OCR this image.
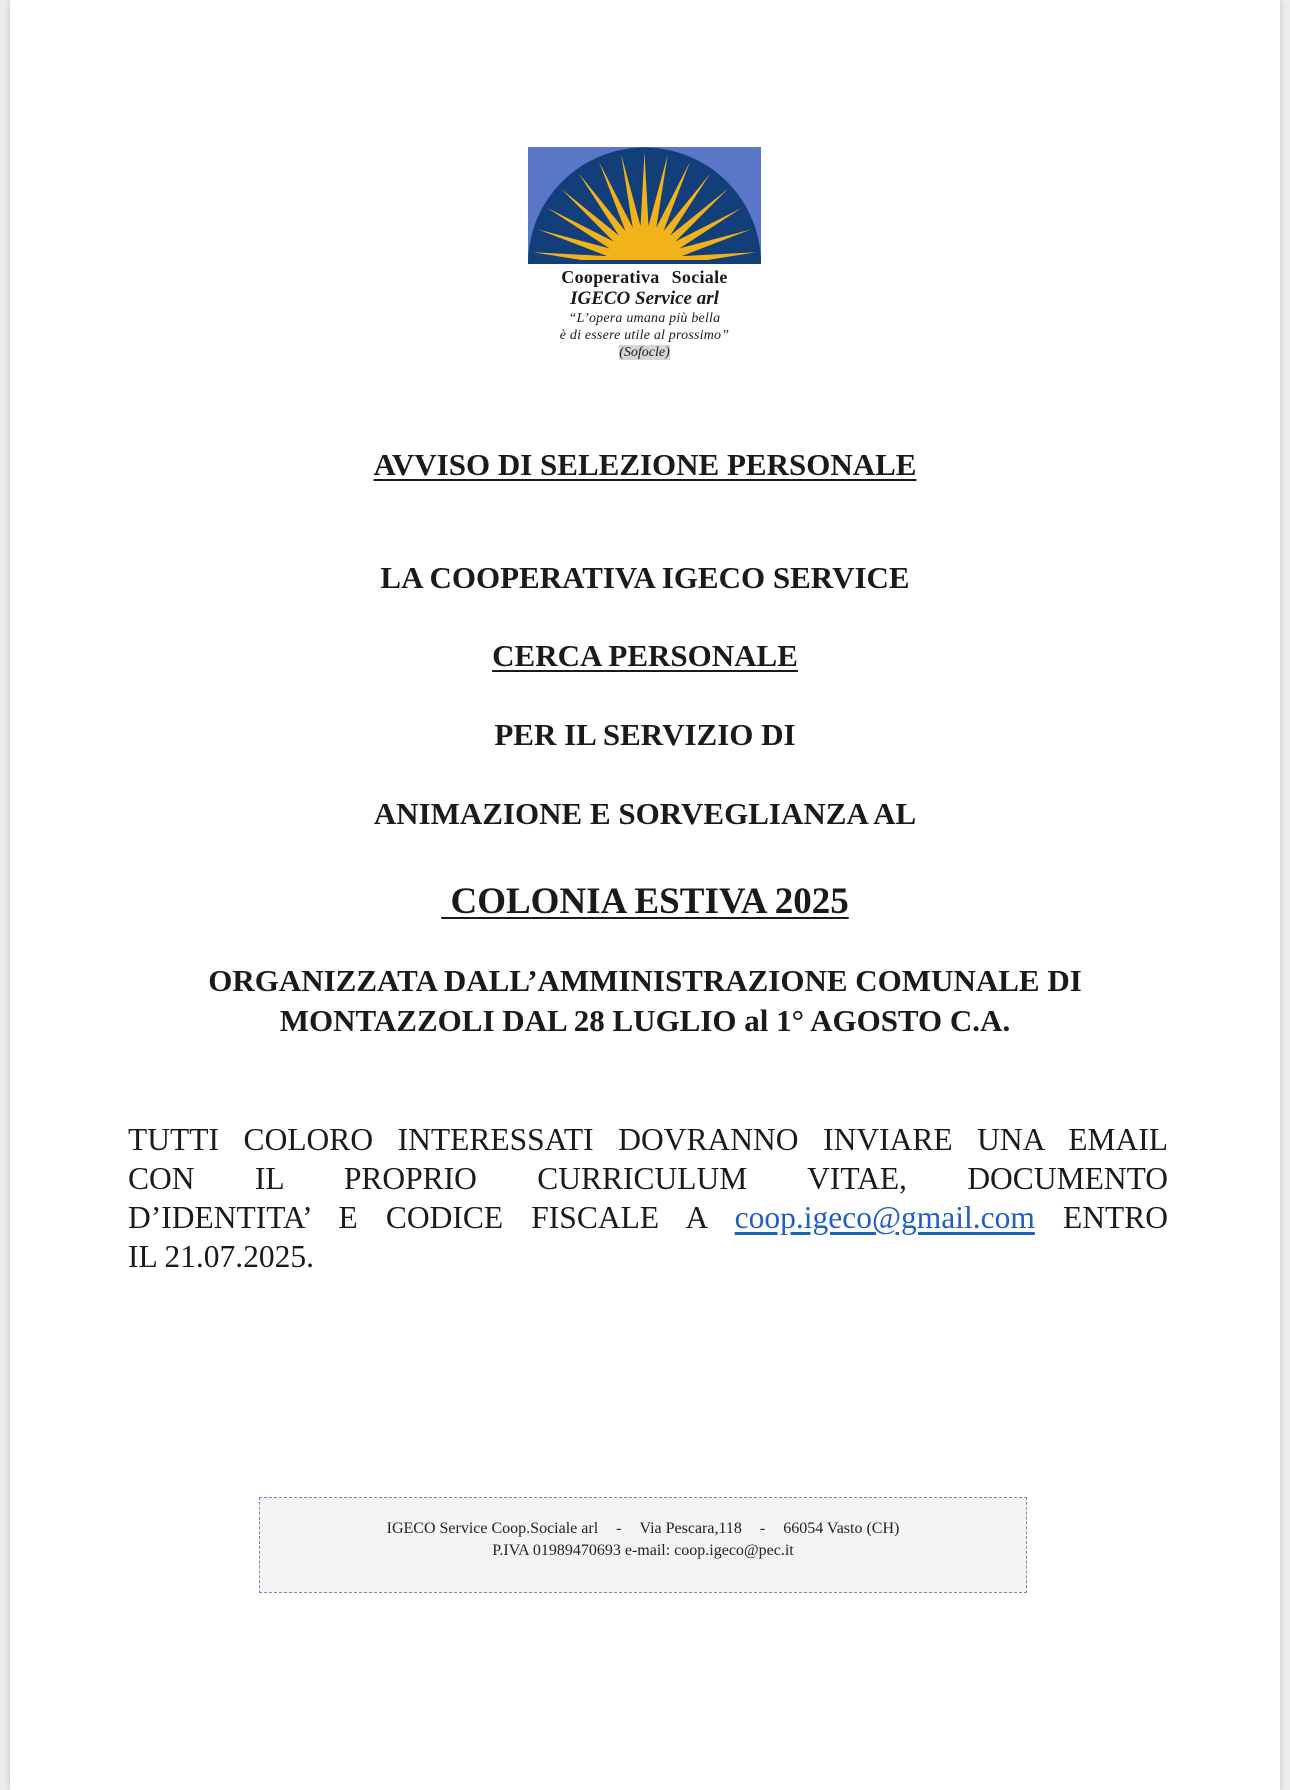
Cooperativa Sociale
IGECO Service arl
“L’opera umana più bella
è di essere utile al prossimo”
(Sofocle)
AVVISO DI SELEZIONE PERSONALE
LA COOPERATIVA IGECO SERVICE
CERCA PERSONALE
PER IL SERVIZIO DI
ANIMAZIONE E SORVEGLIANZA AL
COLONIA ESTIVA 2025
ORGANIZZATA DALL’AMMINISTRAZIONE COMUNALE DI
MONTAZZOLI DAL 28 LUGLIO al 1° AGOSTO C.A.
TUTTI COLORO INTERESSATI DOVRANNO INVIARE UNA EMAIL
CON IL PROPRIO CURRICULUM VITAE, DOCUMENTO
D’IDENTITA’ E CODICE FISCALE A coop.igeco@gmail.com ENTRO
IL 21.07.2025.
IGECO Service Coop.Sociale arl - Via Pescara,118 - 66054 Vasto (CH)
P.IVA 01989470693 e-mail: coop.igeco@pec.it
